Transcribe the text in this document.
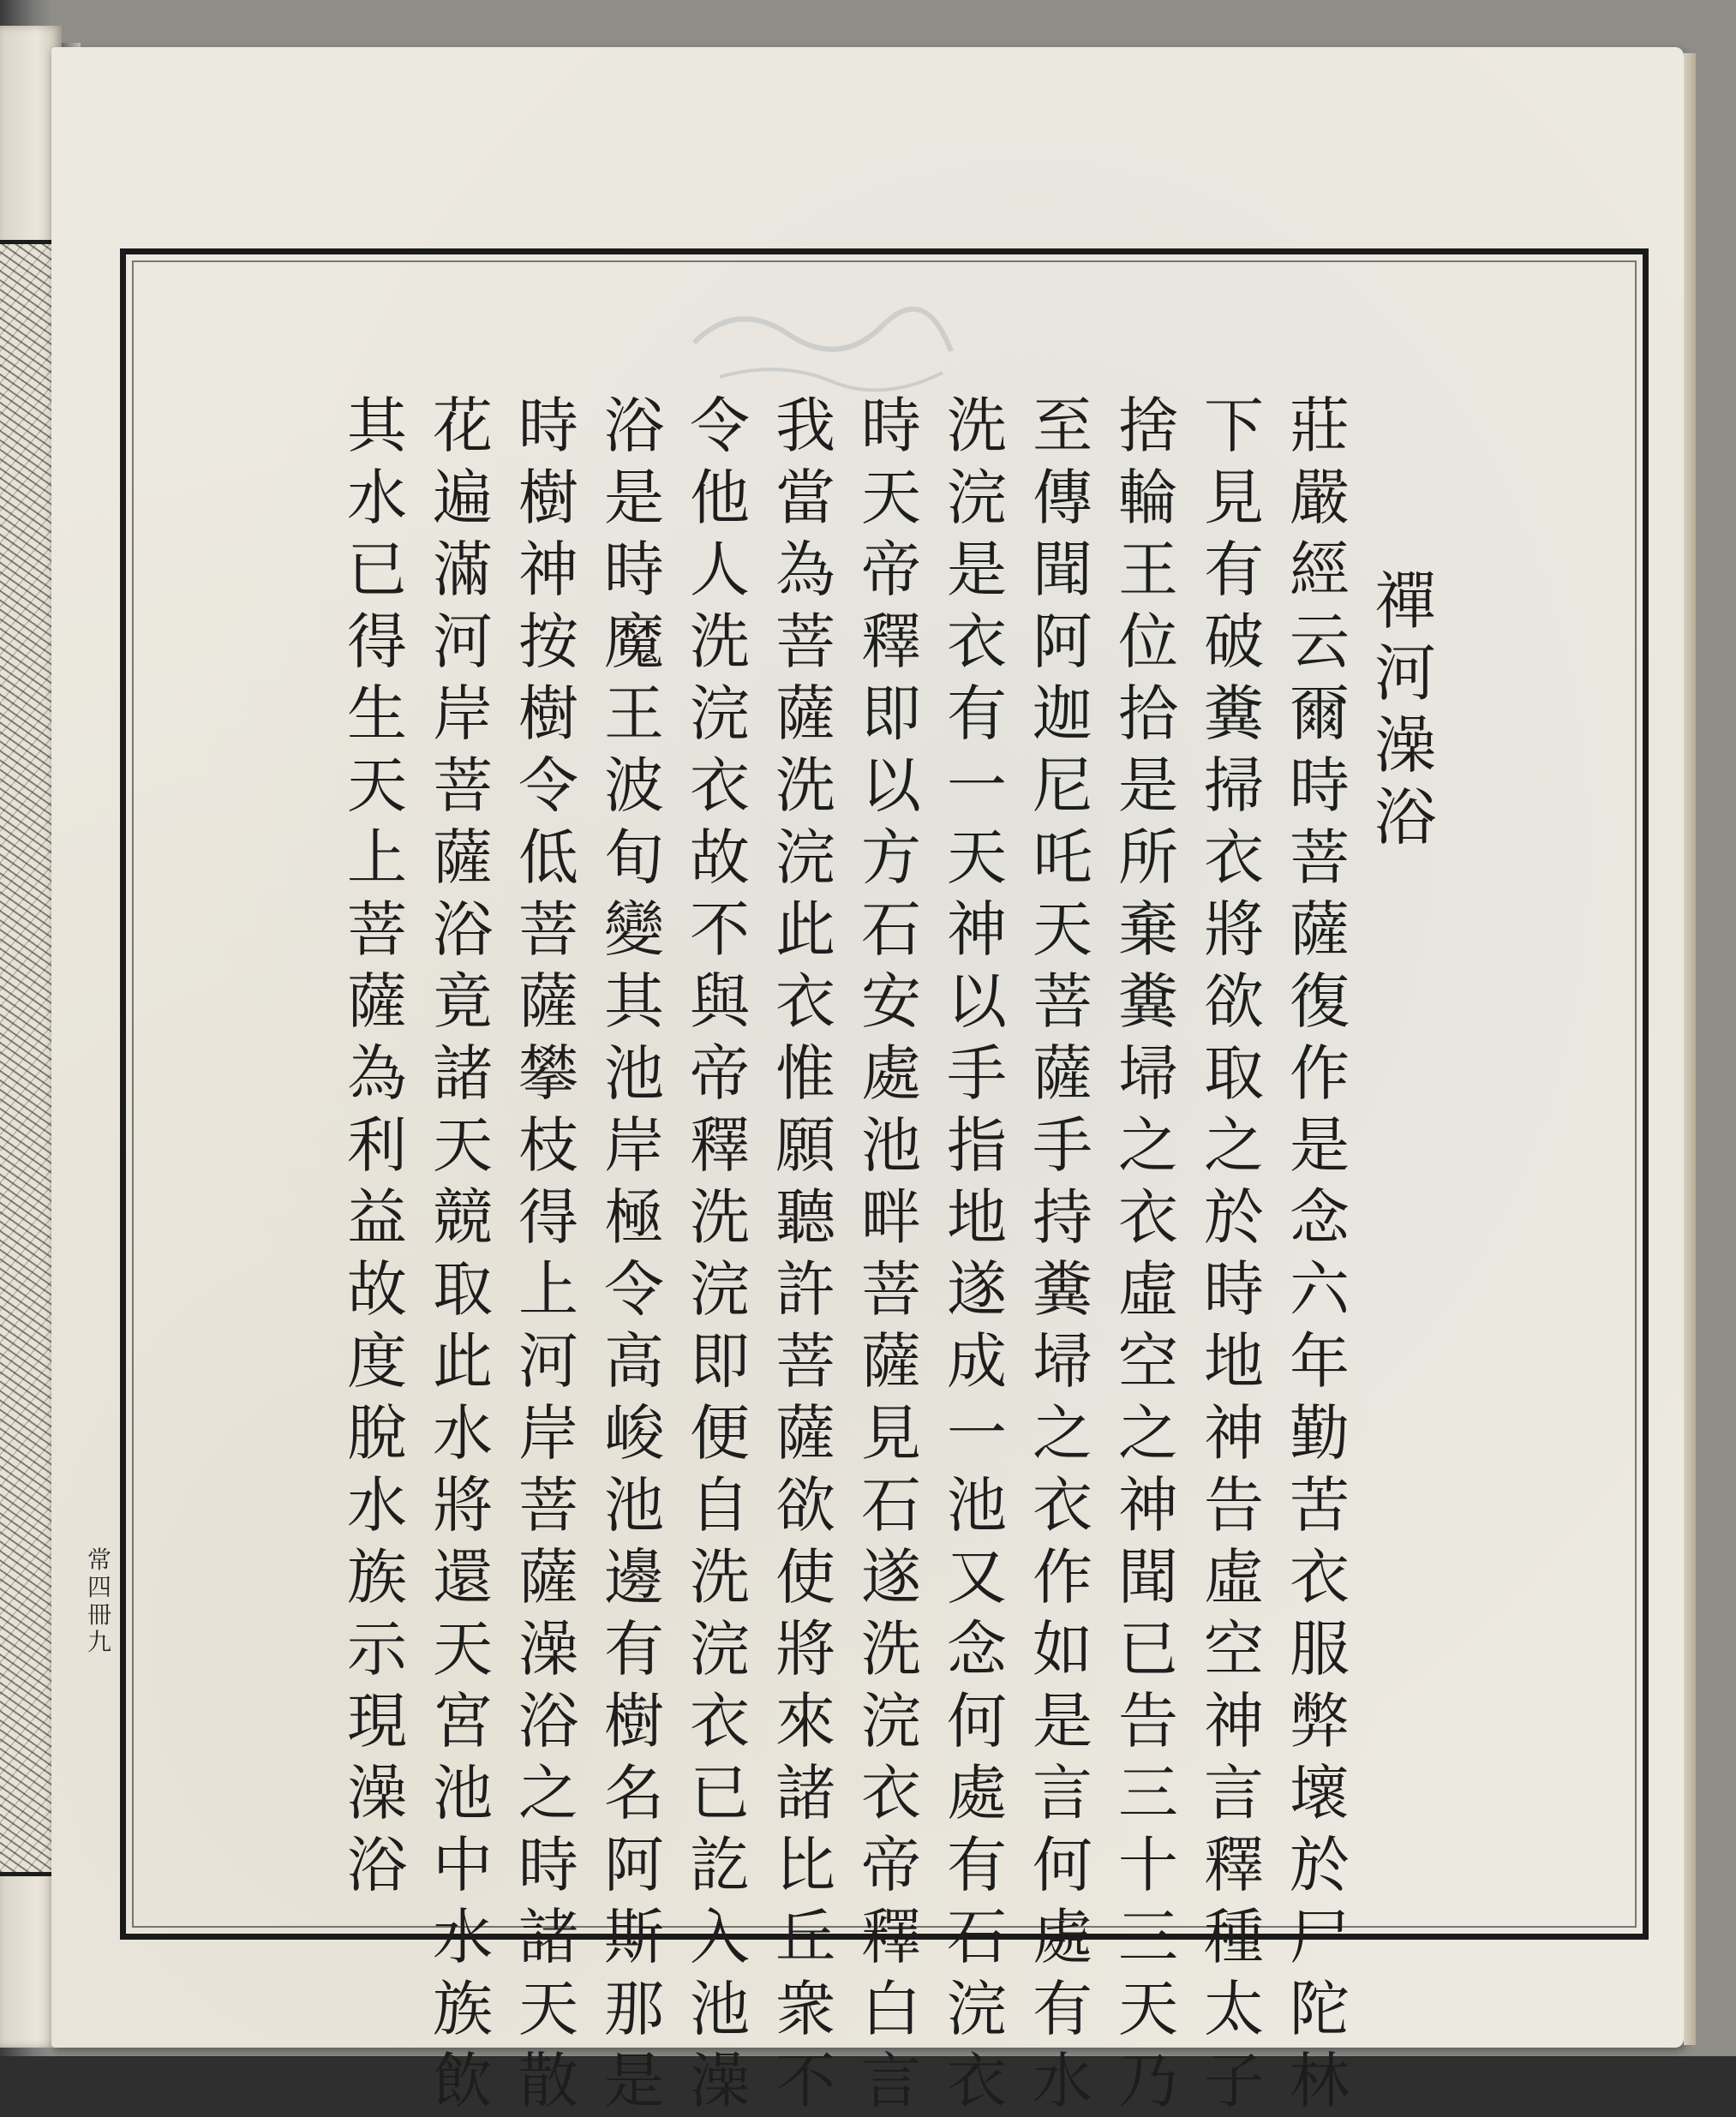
常
四
冊
九
禪
河
澡
浴
莊
嚴
經
云
爾
時
菩
薩
復
作
是
念
六
年
勤
苦
衣
服
弊
壞
於
尸
陀
林
下
見
有
破
糞
掃
衣
將
欲
取
之
於
時
地
神
告
虛
空
神
言
釋
種
太
子
捨
輪
王
位
拾
是
所
棄
糞
埽
之
衣
虛
空
之
神
聞
已
告
三
十
三
天
乃
至
傳
聞
阿
迦
尼
吒
天
菩
薩
手
持
糞
埽
之
衣
作
如
是
言
何
處
有
水
洗
浣
是
衣
有
一
天
神
以
手
指
地
遂
成
一
池
又
念
何
處
有
石
浣
衣
時
天
帝
釋
即
以
方
石
安
處
池
畔
菩
薩
見
石
遂
洗
浣
衣
帝
釋
白
言
我
當
為
菩
薩
洗
浣
此
衣
惟
願
聽
許
菩
薩
欲
使
將
來
諸
比
丘
衆
不
令
他
人
洗
浣
衣
故
不
與
帝
釋
洗
浣
即
便
自
洗
浣
衣
已
訖
入
池
澡
浴
是
時
魔
王
波
旬
變
其
池
岸
極
令
高
峻
池
邊
有
樹
名
阿
斯
那
是
時
樹
神
按
樹
令
低
菩
薩
攀
枝
得
上
河
岸
菩
薩
澡
浴
之
時
諸
天
散
花
遍
滿
河
岸
菩
薩
浴
竟
諸
天
競
取
此
水
將
還
天
宮
池
中
水
族
飲
其
水
已
得
生
天
上
菩
薩
為
利
益
故
度
脫
水
族
示
現
澡
浴
